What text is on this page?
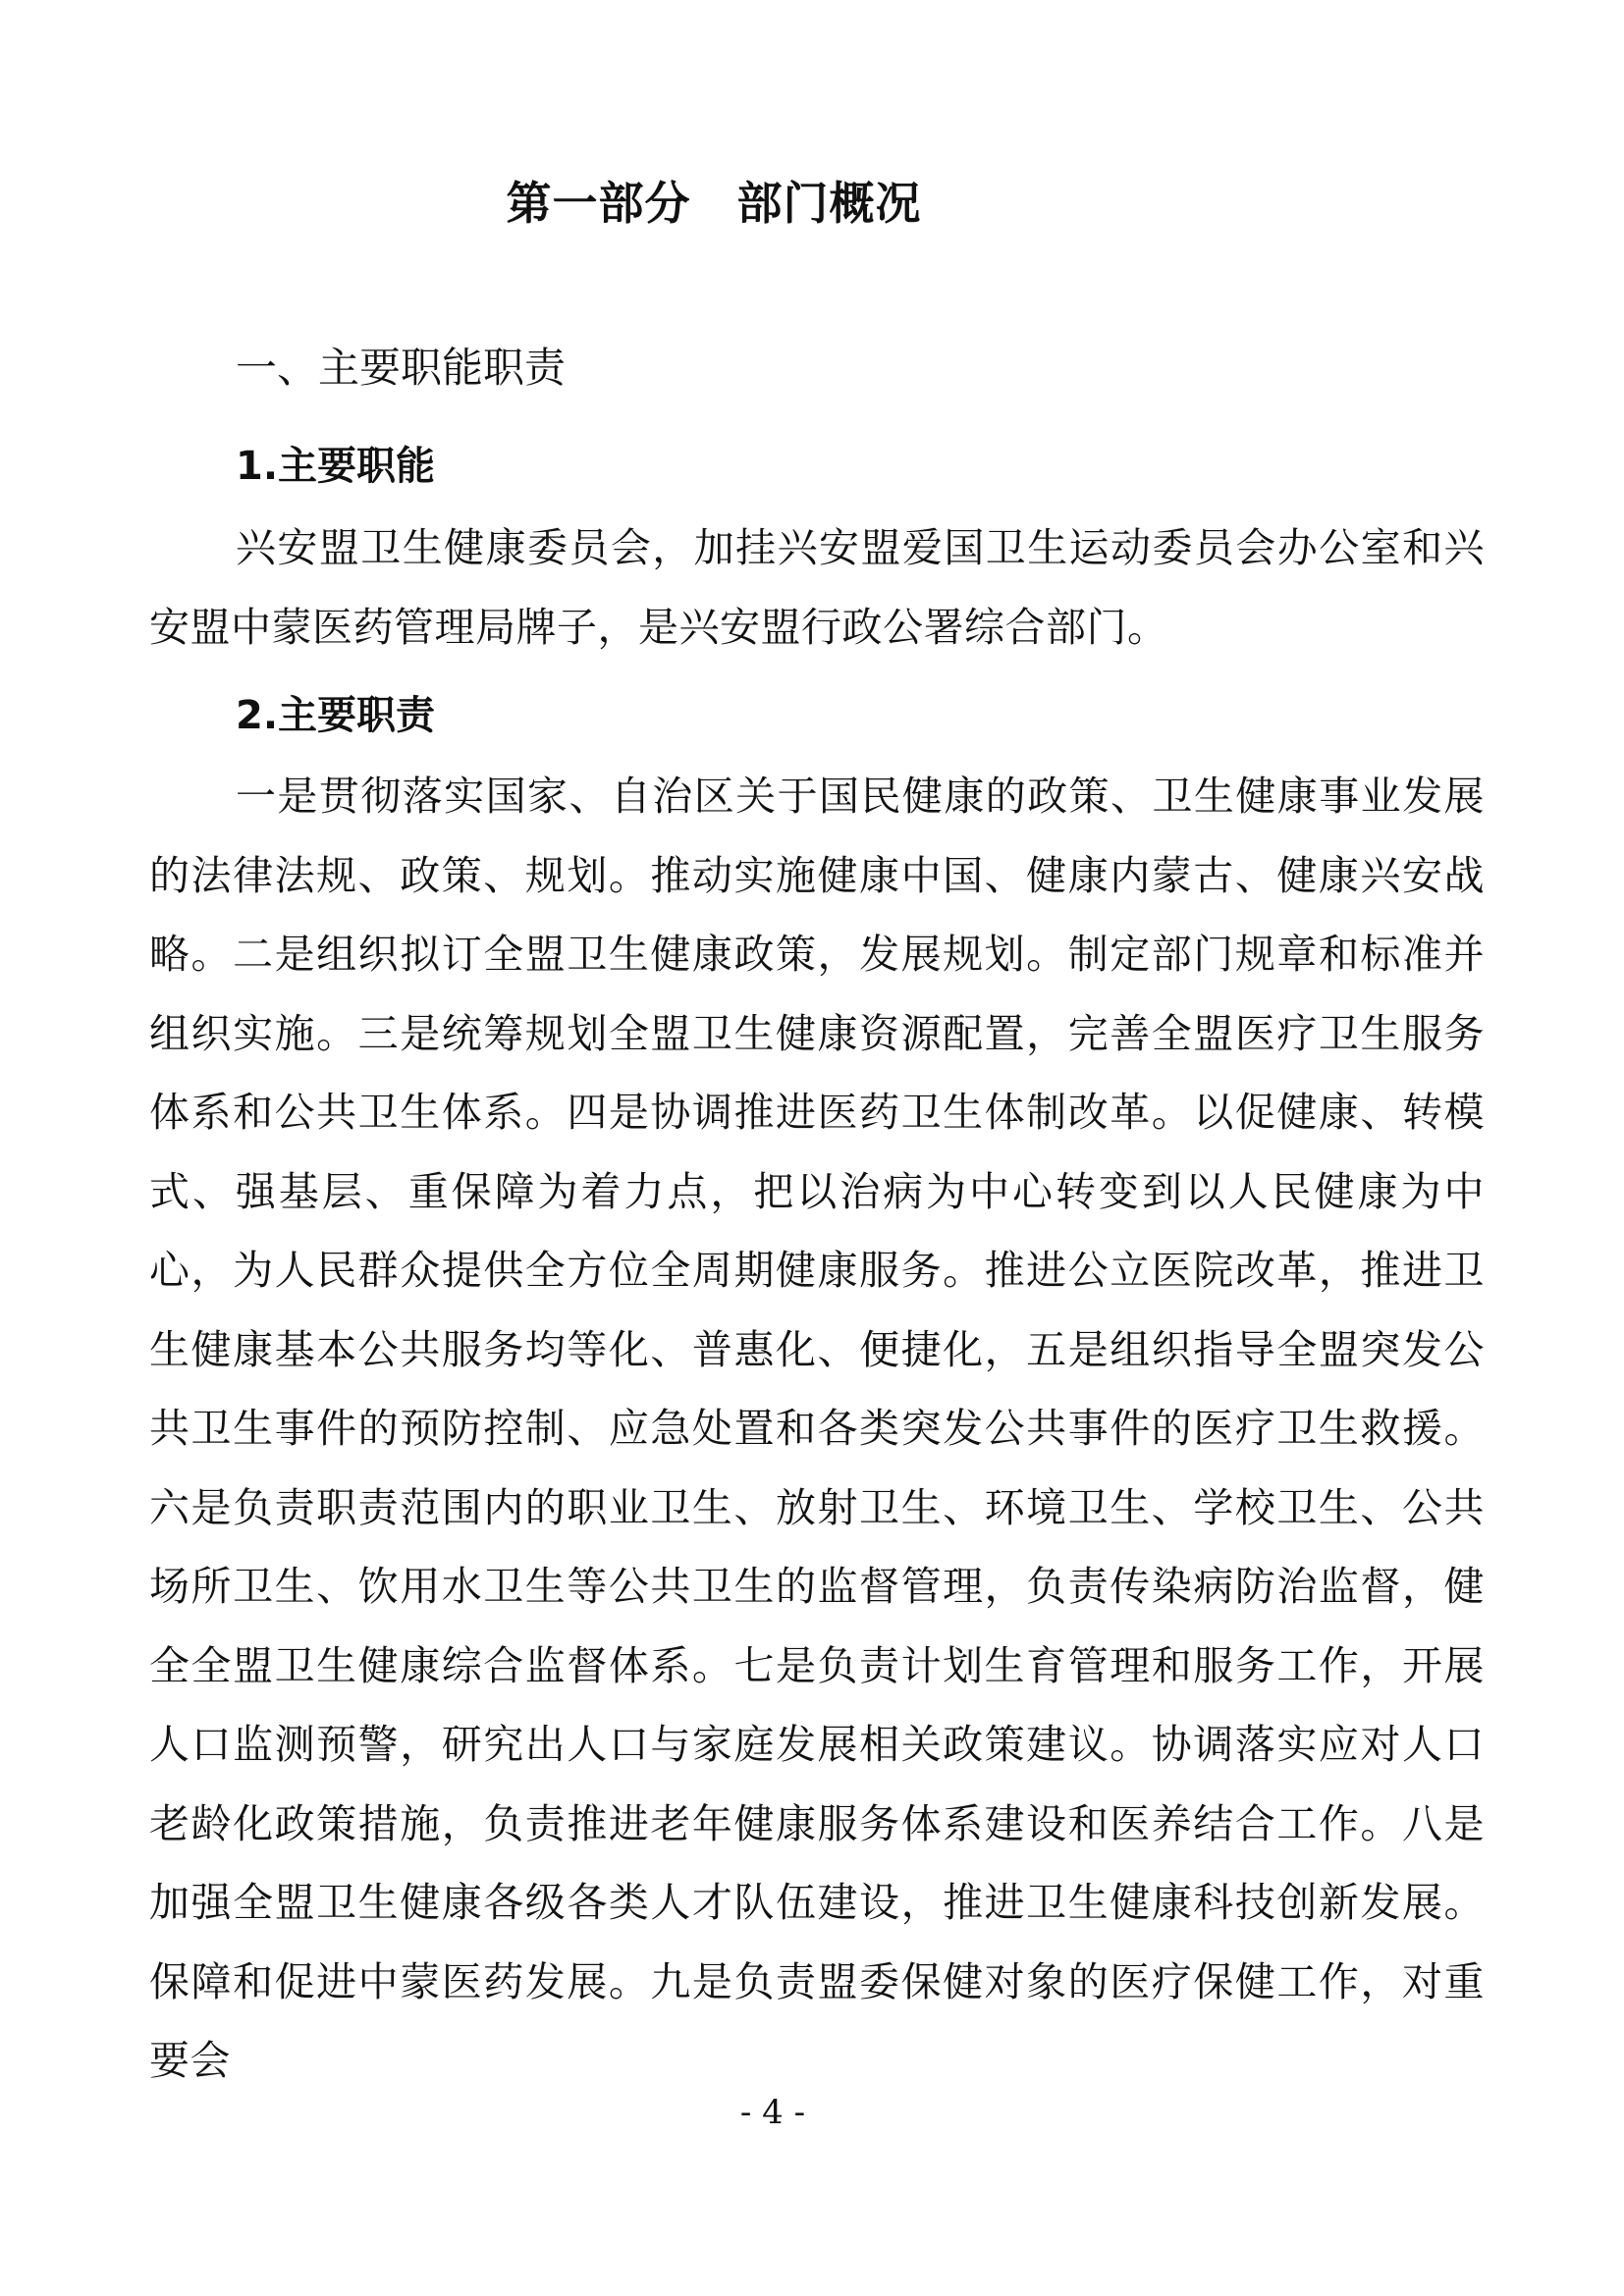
第一部分　部门概况
一、主要职能职责
1.主要职能

兴安盟卫生健康委员会，加挂兴安盟爱国卫生运动委员会办公室和兴安盟中蒙医药管理局牌子，是兴安盟行政公署综合部门。

2.主要职责

一是贯彻落实国家、自治区关于国民健康的政策、卫生健康事业发展的法律法规、政策、规划。推动实施健康中国、健康内蒙古、健康兴安战略。二是组织拟订全盟卫生健康政策，发展规划。制定部门规章和标准并组织实施。三是统筹规划全盟卫生健康资源配置，完善全盟医疗卫生服务体系和公共卫生体系。四是协调推进医药卫生体制改革。以促健康、转模式、强基层、重保障为着力点，把以治病为中心转变到以人民健康为中心，为人民群众提供全方位全周期健康服务。推进公立医院改革，推进卫生健康基本公共服务均等化、普惠化、便捷化，五是组织指导全盟突发公共卫生事件的预防控制、应急处置和各类突发公共事件的医疗卫生救援。六是负责职责范围内的职业卫生、放射卫生、环境卫生、学校卫生、公共场所卫生、饮用水卫生等公共卫生的监督管理，负责传染病防治监督，健全全盟卫生健康综合监督体系。七是负责计划生育管理和服务工作，开展人口监测预警，研究出人口与家庭发展相关政策建议。协调落实应对人口老龄化政策措施，负责推进老年健康服务体系建设和医养结合工作。八是加强全盟卫生健康各级各类人才队伍建设，推进卫生健康科技创新发展。保障和促进中蒙医药发展。九是负责盟委保健对象的医疗保健工作，对重要会

- 4 -
